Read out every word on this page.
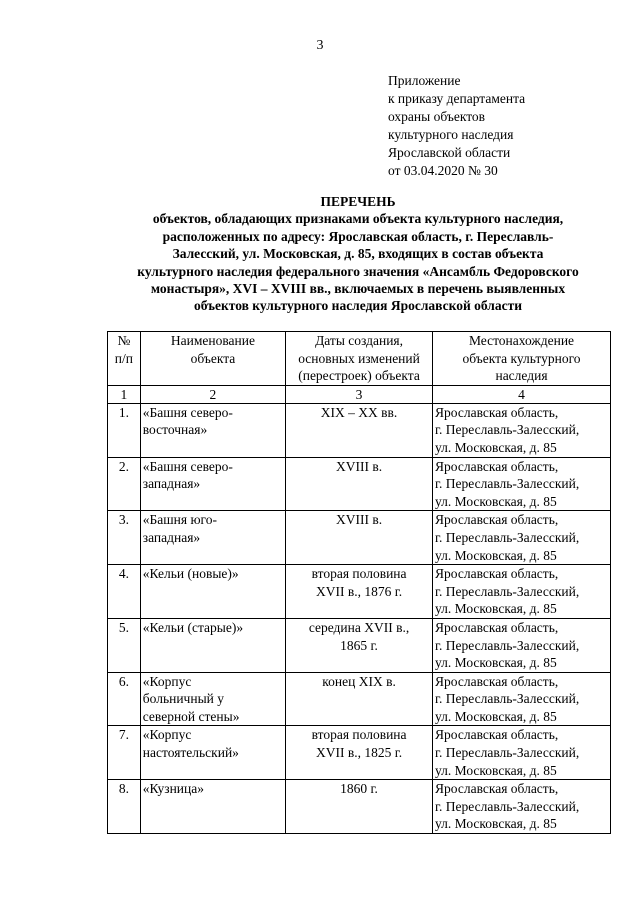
3
Приложение
к приказу департамента
охраны объектов
культурного наследия
Ярославской области
от 03.04.2020 № 30
ПЕРЕЧЕНЬ
объектов, обладающих признаками объекта культурного наследия,
расположенных по адресу: Ярославская область, г. Переславль-
Залесский, ул. Московская, д. 85, входящих в состав объекта
культурного наследия федерального значения «Ансамбль Федоровского
монастыря», XVI – XVIII вв., включаемых в перечень выявленных
объектов культурного наследия Ярославской области
№
п/п	Наименование
объекта	Даты создания,
основных изменений
(перестроек) объекта	Местонахождение
объекта культурного
наследия

1	2	3	4
1.	«Башня северо-
восточная»	XIX – XX вв.	Ярославская область,
г. Переславль-Залесский,
ул. Московская, д. 85

2.	«Башня северо-
западная»	XVIII в.	Ярославская область,
г. Переславль-Залесский,
ул. Московская, д. 85

3.	«Башня юго-
западная»	XVIII в.	Ярославская область,
г. Переславль-Залесский,
ул. Московская, д. 85

4.	«Кельи (новые)»	вторая половина
XVII в., 1876 г.	Ярославская область,
г. Переславль-Залесский,
ул. Московская, д. 85

5.	«Кельи (старые)»	середина XVII в.,
1865 г.	Ярославская область,
г. Переславль-Залесский,
ул. Московская, д. 85

6.	«Корпус
больничный у
северной стены»	конец XIX в.	Ярославская область,
г. Переславль-Залесский,
ул. Московская, д. 85

7.	«Корпус
настоятельский»	вторая половина
XVII в., 1825 г.	Ярославская область,
г. Переславль-Залесский,
ул. Московская, д. 85

8.	«Кузница»	1860 г.	Ярославская область,
г. Переславль-Залесский,
ул. Московская, д. 85
